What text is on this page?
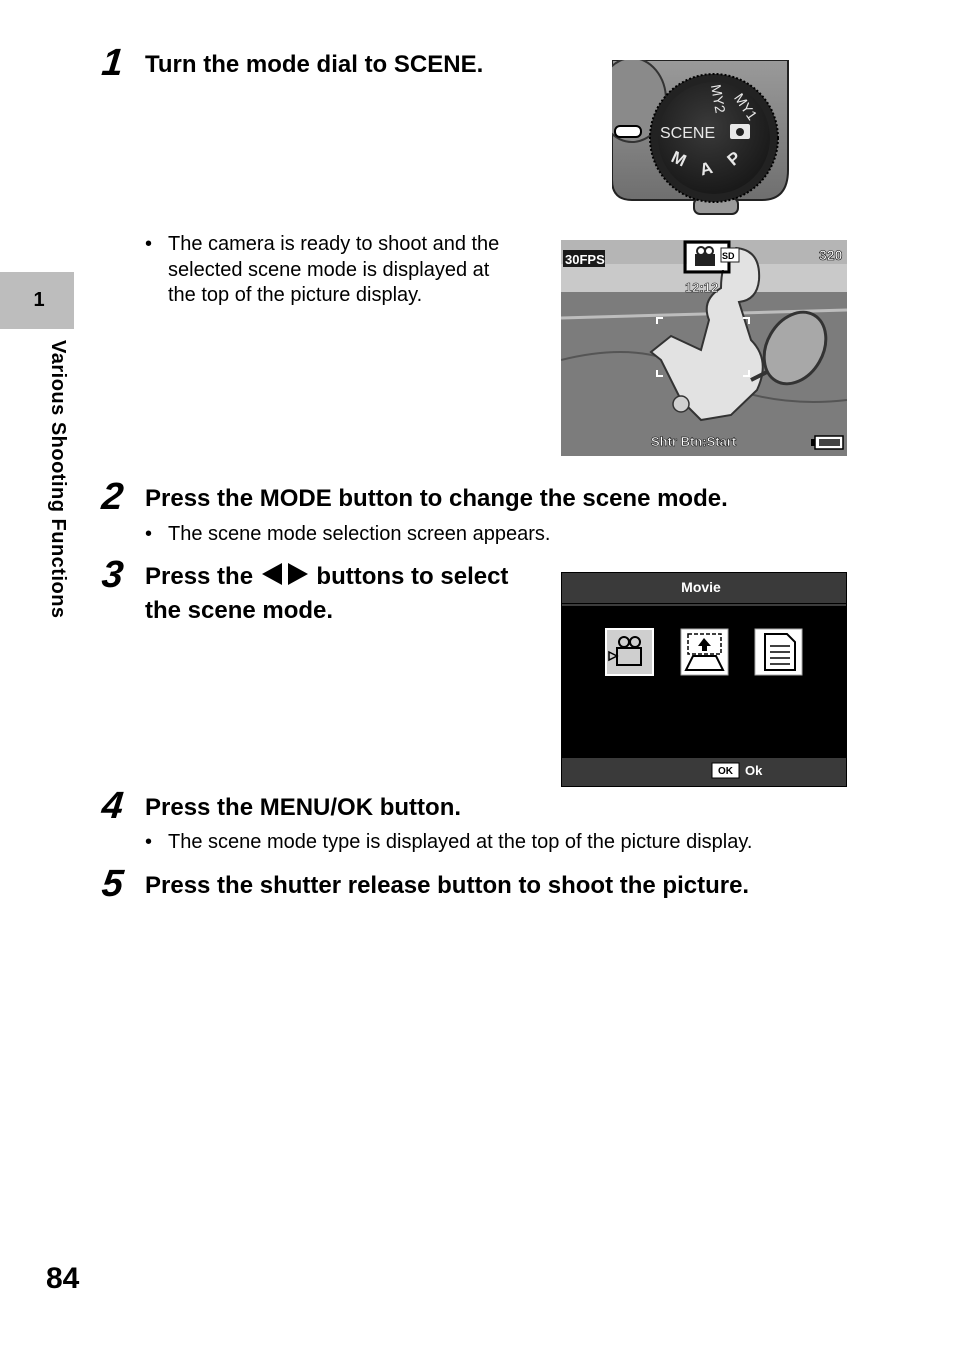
1
Various Shooting Functions
1 Turn the mode dial to SCENE.
• The camera is ready to shoot and the
selected scene mode is displayed at
the top of the picture display.
SCENE
MY2 MY1
P
A
M
30FPS	SD	320
12:12
Shtr Btn:Start
2 Press the MODE button to change the scene mode.
• The scene mode selection screen appears.
3 Press the	buttons to select
the scene mode.
Movie
OK Ok
4 Press the MENU/OK button.
• The scene mode type is displayed at the top of the picture display.
5 Press the shutter release button to shoot the picture.
84
